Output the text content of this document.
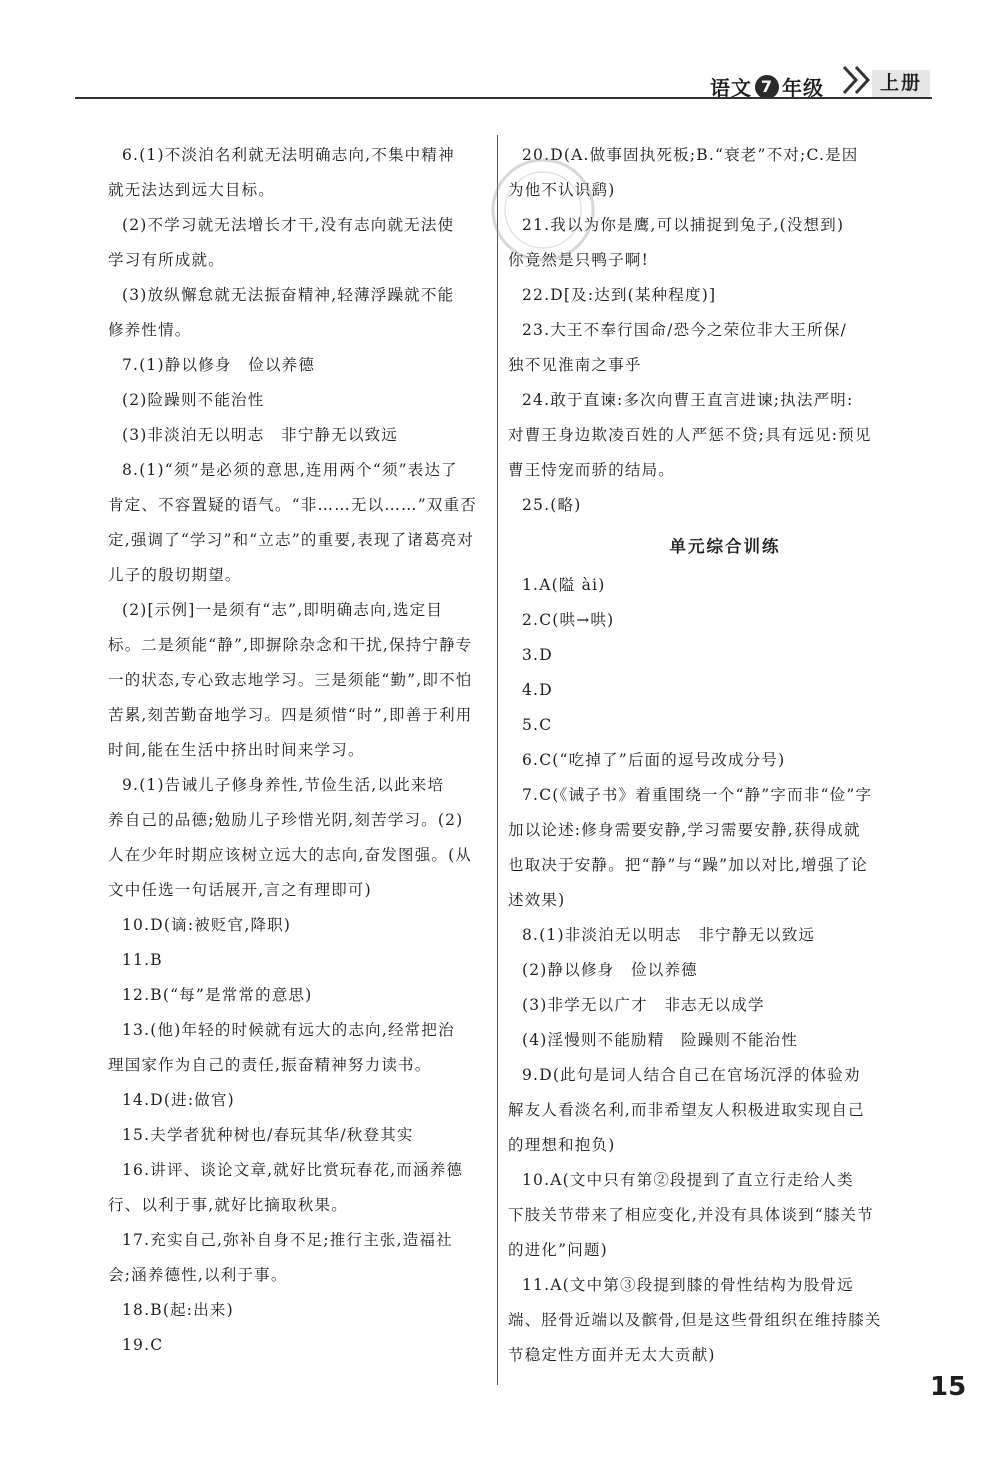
语文 7 年级	上册

6.(1)不淡泊名利就无法明确志向,不集中精神

就无法达到远大目标。

(2)不学习就无法增长才干,没有志向就无法使

学习有所成就。

(3)放纵懈怠就无法振奋精神,轻薄浮躁就不能

修养性情。

7.(1)静以修身　俭以养德

(2)险躁则不能治性

(3)非淡泊无以明志　非宁静无以致远

8.(1)“须”是必须的意思,连用两个“须”表达了

肯定、不容置疑的语气。“非……无以……”双重否

定,强调了“学习”和“立志”的重要,表现了诸葛亮对

儿子的殷切期望。

(2)[示例]一是须有“志”,即明确志向,选定目

标。二是须能“静”,即摒除杂念和干扰,保持宁静专

一的状态,专心致志地学习。三是须能“勤”,即不怕

苦累,刻苦勤奋地学习。四是须惜“时”,即善于利用

时间,能在生活中挤出时间来学习。

9.(1)告诫儿子修身养性,节俭生活,以此来培

养自己的品德;勉励儿子珍惜光阴,刻苦学习。(2)

人在少年时期应该树立远大的志向,奋发图强。(从

文中任选一句话展开,言之有理即可)

10.D(谪:被贬官,降职)

11.B

12.B(“每”是常常的意思)

13.(他)年轻的时候就有远大的志向,经常把治

理国家作为自己的责任,振奋精神努力读书。

14.D(进:做官)

15.夫学者犹种树也/春玩其华/秋登其实

16.讲评、谈论文章,就好比赏玩春花,而涵养德

行、以利于事,就好比摘取秋果。

17.充实自己,弥补自身不足;推行主张,造福社

会;涵养德性,以利于事。

18.B(起:出来)

19.C

20.D(A.做事固执死板;B.“衰老”不对;C.是因

为他不认识鹞)

21.我以为你是鹰,可以捕捉到兔子,(没想到)

你竟然是只鸭子啊!

22.D[及:达到(某种程度)]

23.大王不奉行国命/恐今之荣位非大王所保/

独不见淮南之事乎

24.敢于直谏:多次向曹王直言进谏;执法严明:

对曹王身边欺凌百姓的人严惩不贷;具有远见:预见

曹王恃宠而骄的结局。

25.(略)

单元综合训练

1.A(隘 ài)

2.C(哄→哄)

3.D

4.D

5.C

6.C(“吃掉了”后面的逗号改成分号)

7.C(《诫子书》着重围绕一个“静”字而非“俭”字

加以论述:修身需要安静,学习需要安静,获得成就

也取决于安静。把“静”与“躁”加以对比,增强了论

述效果)

8.(1)非淡泊无以明志　非宁静无以致远

(2)静以修身　俭以养德

(3)非学无以广才　非志无以成学

(4)淫慢则不能励精　险躁则不能治性

9.D(此句是词人结合自己在官场沉浮的体验劝

解友人看淡名利,而非希望友人积极进取实现自己

的理想和抱负)

10.A(文中只有第②段提到了直立行走给人类

下肢关节带来了相应变化,并没有具体谈到“膝关节

的进化”问题)

11.A(文中第③段提到膝的骨性结构为股骨远

端、胫骨近端以及髌骨,但是这些骨组织在维持膝关

节稳定性方面并无太大贡献)

15
